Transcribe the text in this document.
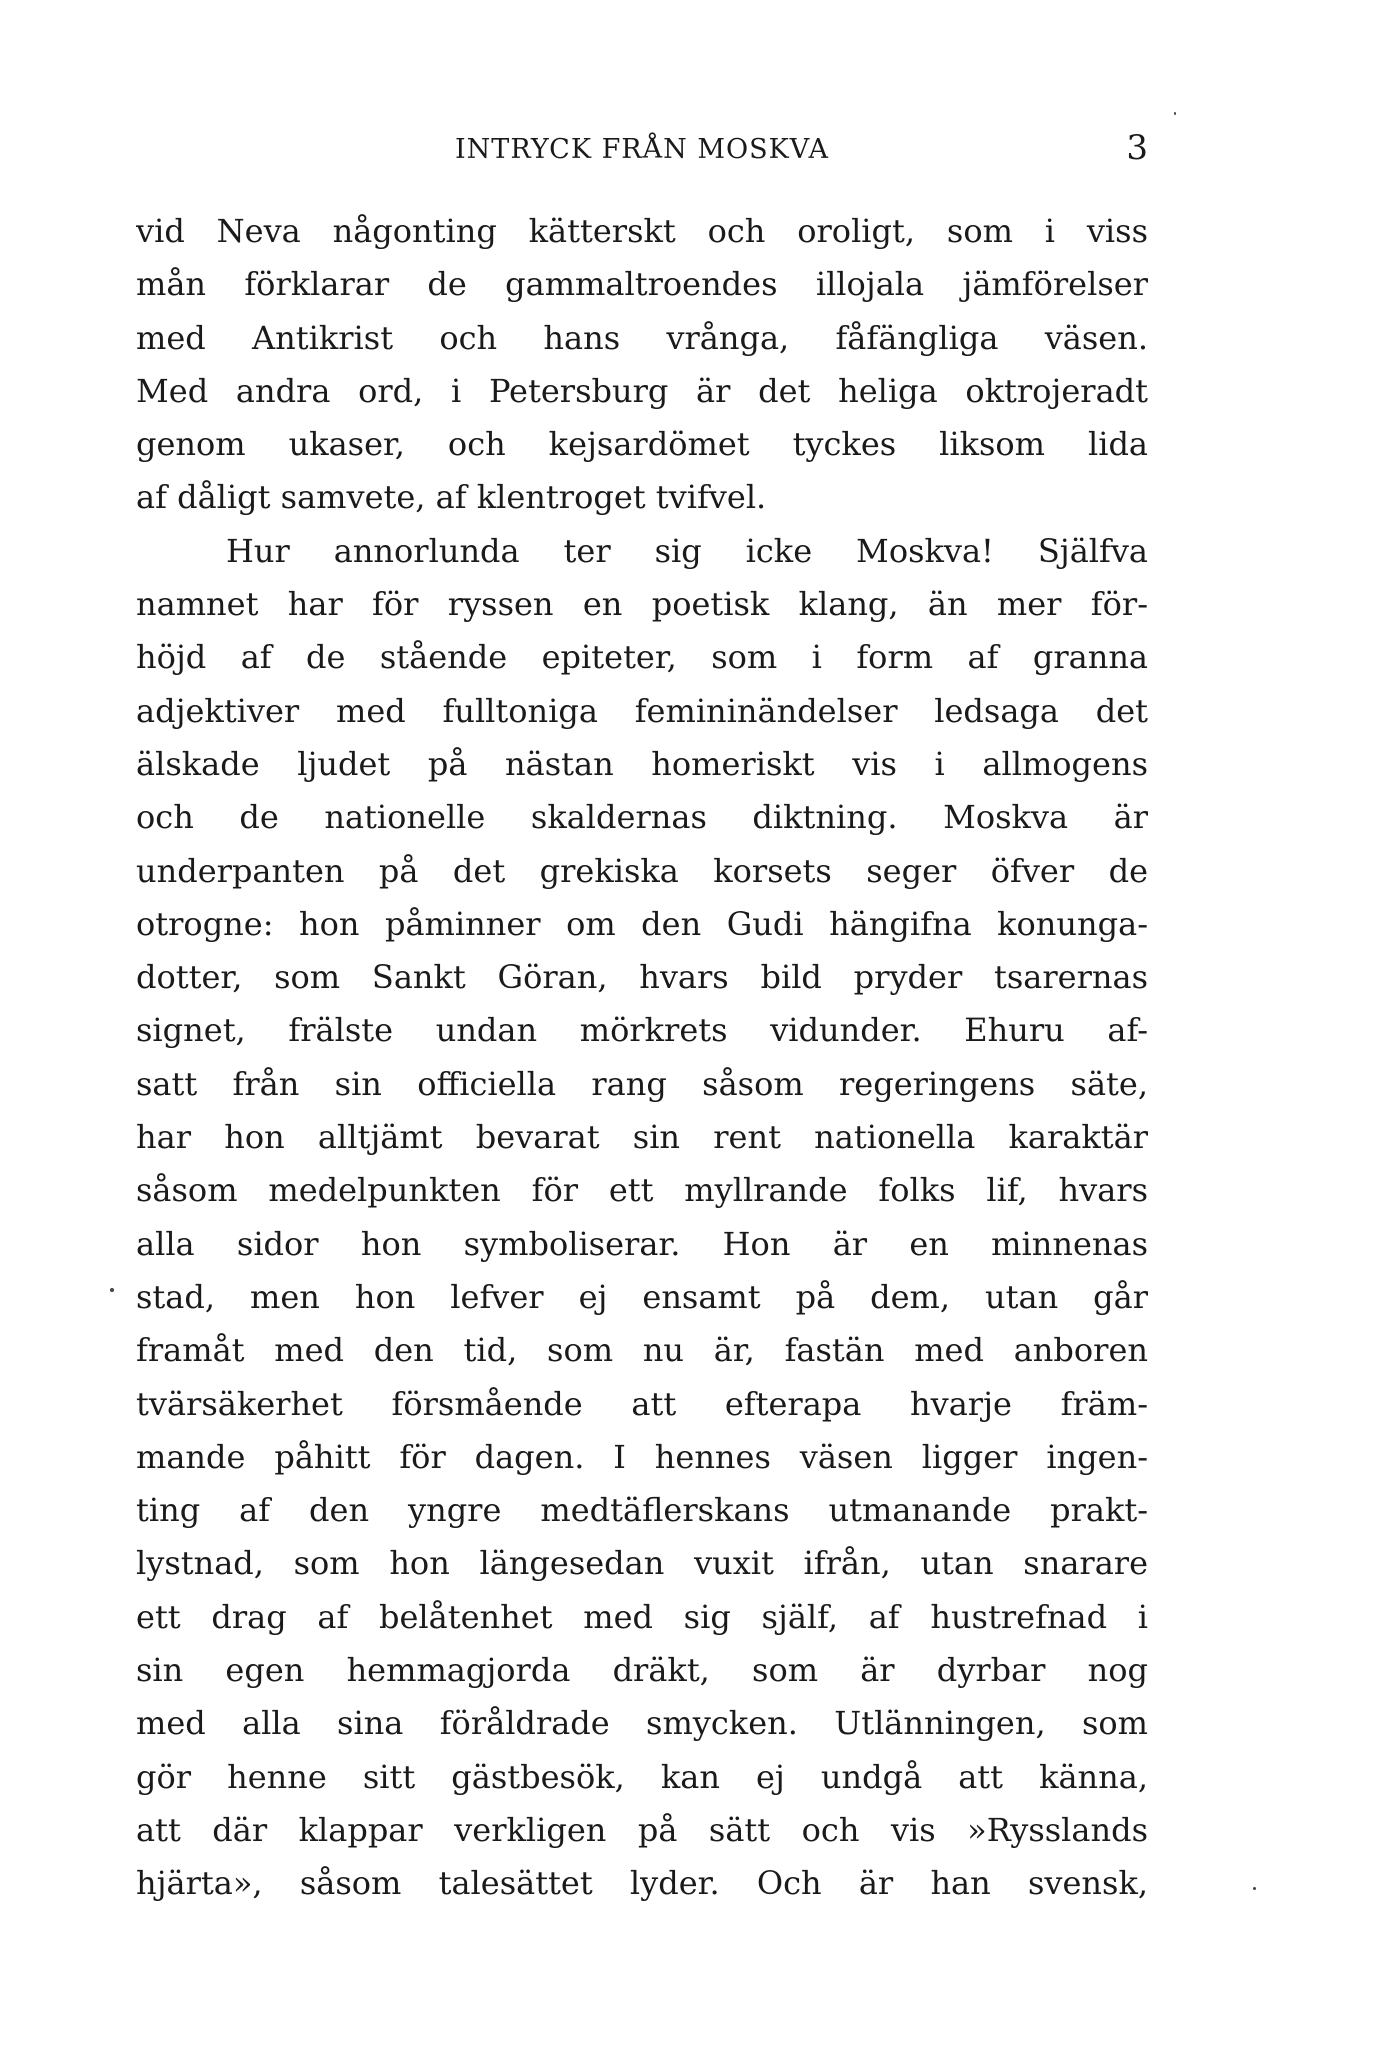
INTRYCK FRÅN MOSKVA	3
vid Neva någonting kätterskt och oroligt, som i viss
mån förklarar de gammaltroendes illojala jämförelser
med Antikrist och hans vrånga, fåfängliga väsen.
Med andra ord, i Petersburg är det heliga oktrojeradt
genom ukaser, och kejsardömet tyckes liksom lida
af dåligt samvete, af klentroget tvifvel.
Hur annorlunda ter sig icke Moskva! Själfva
namnet har för ryssen en poetisk klang, än mer för-
höjd af de stående epiteter, som i form af granna
adjektiver med fulltoniga femininändelser ledsaga det
älskade ljudet på nästan homeriskt vis i allmogens
och de nationelle skaldernas diktning. Moskva är
underpanten på det grekiska korsets seger öfver de
otrogne: hon påminner om den Gudi hängifna konunga-
dotter, som Sankt Göran, hvars bild pryder tsarernas
signet, frälste undan mörkrets vidunder. Ehuru af-
satt från sin officiella rang såsom regeringens säte,
har hon alltjämt bevarat sin rent nationella karaktär
såsom medelpunkten för ett myllrande folks lif, hvars
alla sidor hon symboliserar. Hon är en minnenas
stad, men hon lefver ej ensamt på dem, utan går
framåt med den tid, som nu är, fastän med anboren
tvärsäkerhet försmående att efterapa hvarje främ-
mande påhitt för dagen. I hennes väsen ligger ingen-
ting af den yngre medtäflerskans utmanande prakt-
lystnad, som hon längesedan vuxit ifrån, utan snarare
ett drag af belåtenhet med sig själf, af hustrefnad i
sin egen hemmagjorda dräkt, som är dyrbar nog
med alla sina föråldrade smycken. Utlänningen, som
gör henne sitt gästbesök, kan ej undgå att känna,
att där klappar verkligen på sätt och vis »Rysslands
hjärta», såsom talesättet lyder. Och är han svensk,
